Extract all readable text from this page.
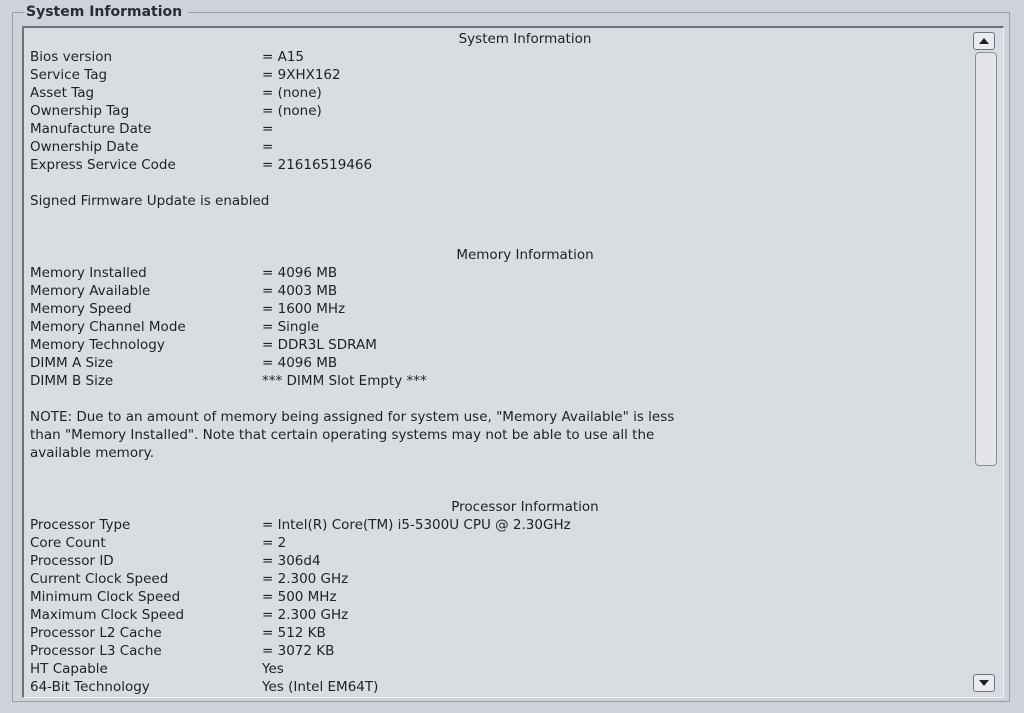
System Information
System Information
Bios version	= A15
Service Tag	= 9XHX162
Asset Tag	= (none)
Ownership Tag	= (none)
Manufacture Date	=
Ownership Date	=
Express Service Code	= 21616519466
Signed Firmware Update is enabled
Memory Information
Memory Installed	= 4096 MB
Memory Available	= 4003 MB
Memory Speed	= 1600 MHz
Memory Channel Mode	= Single
Memory Technology	= DDR3L SDRAM
DIMM A Size	= 4096 MB
DIMM B Size	*** DIMM Slot Empty ***
NOTE: Due to an amount of memory being assigned for system use, "Memory Available" is less
than "Memory Installed". Note that certain operating systems may not be able to use all the
available memory.
Processor Information
Processor Type	= Intel(R) Core(TM) i5-5300U CPU @ 2.30GHz
Core Count	= 2
Processor ID	= 306d4
Current Clock Speed	= 2.300 GHz
Minimum Clock Speed	= 500 MHz
Maximum Clock Speed	= 2.300 GHz
Processor L2 Cache	= 512 KB
Processor L3 Cache	= 3072 KB
HT Capable	Yes
64-Bit Technology	Yes (Intel EM64T)
